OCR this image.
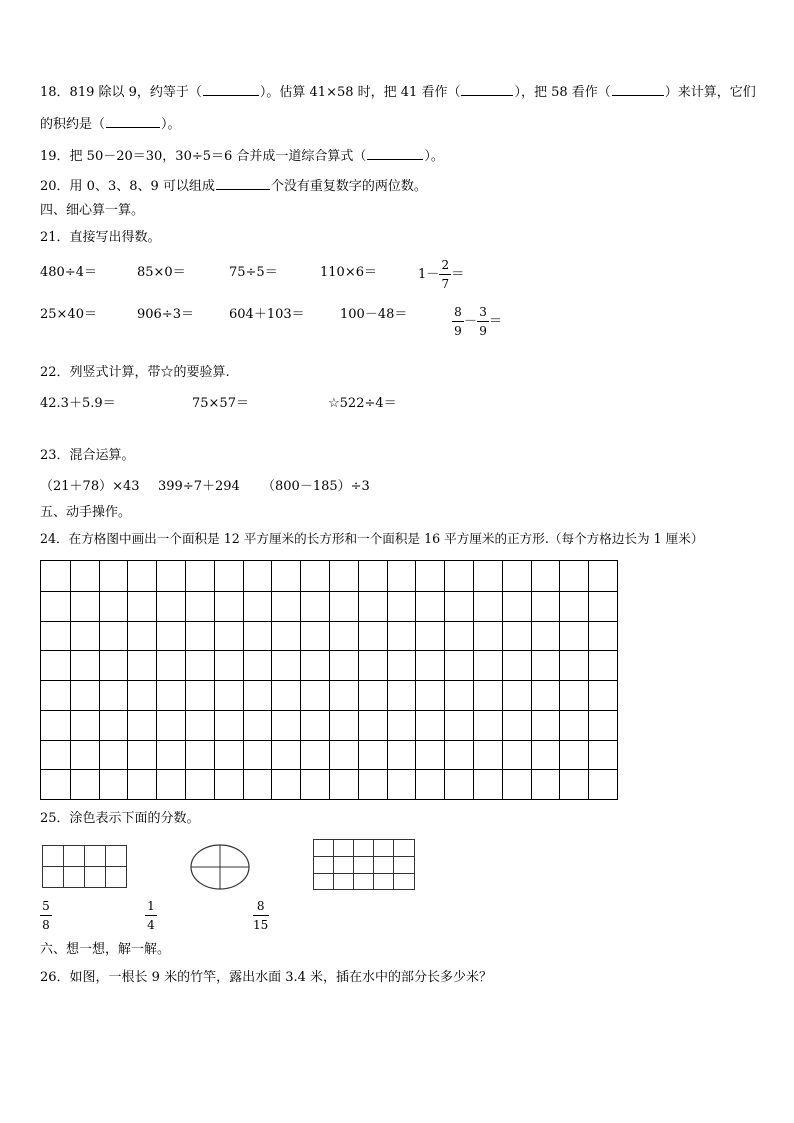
18．819 除以 9，约等于（	）。估算 41×58 时，把 41 看作（	），把 58 看作（	）来计算，它们
的积约是（	）。
19．把 50－20＝30，30÷5＝6 合并成一道综合算式（	）。
20．用 0、3、8、9 可以组成	个没有重复数字的两位数。
四、细心算一算。
21．直接写出得数。
480÷4＝	85×0＝	75÷5＝	110×6＝	$1- \frac{2}{7}$ ＝
25×40＝	906÷3＝	604＋103＝	100－48＝	$\frac{8}{9} - \frac{3}{9}$ ＝
22．列竖式计算，带☆的要验算.
42.3＋5.9＝	75×57＝	☆522÷4＝
23．混合运算。
（21＋78）×43 399÷7＋294 （800－185）÷3
五、动手操作。
24．在方格图中画出一个面积是 12 平方厘米的长方形和一个面积是 16 平方厘米的正方形.（每个方格边长为 1 厘米）
25．涂色表示下面的分数。
$\frac{5}{8}$	$\frac{1}{4}$	$\frac{8}{15}$
六、想一想，解一解。
26．如图，一根长 9 米的竹竿，露出水面 3.4 米，插在水中的部分长多少米？
